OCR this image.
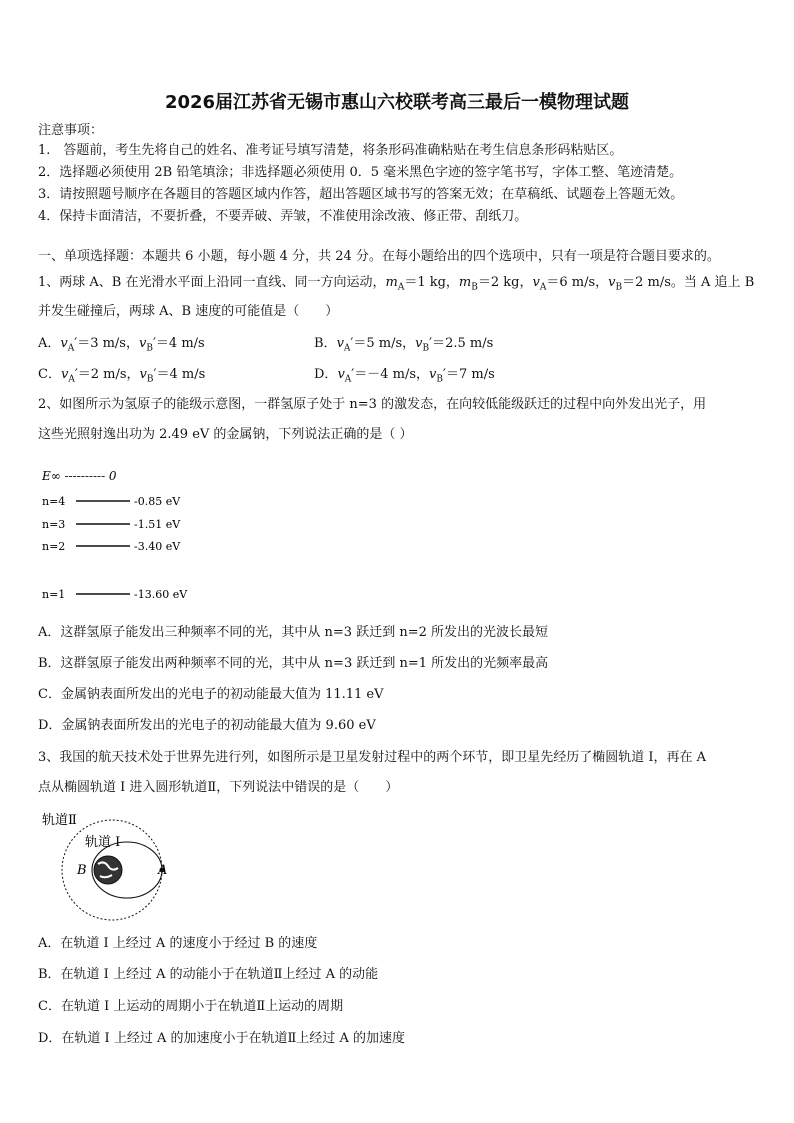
2026届江苏省无锡市惠山六校联考高三最后一模物理试题
注意事项：
1.　答题前，考生先将自己的姓名、准考证号填写清楚，将条形码准确粘贴在考生信息条形码粘贴区。
2．选择题必须使用 2B 铅笔填涂；非选择题必须使用 0．5 毫米黑色字迹的签字笔书写，字体工整、笔迹清楚。
3．请按照题号顺序在各题目的答题区域内作答，超出答题区域书写的答案无效；在草稿纸、试题卷上答题无效。
4．保持卡面清洁，不要折叠，不要弄破、弄皱，不准使用涂改液、修正带、刮纸刀。
一、单项选择题：本题共 6 小题，每小题 4 分，共 24 分。在每小题给出的四个选项中，只有一项是符合题目要求的。
1、两球 A、B 在光滑水平面上沿同一直线、同一方向运动，$m_A=1$ kg，$m_B=2$ kg，$v_A=6$ m/s，$v_B=2$ m/s。当 A 追上 B
并发生碰撞后，两球 A、B 速度的可能值是（　　）
A．$v_A'=3$ m/s，$v_B'=4$ m/s	B．$v_A'=5$ m/s，$v_B'=2.5$ m/s
C．$v_A'=2$ m/s，$v_B'=4$ m/s	D．$v_A'=-4$ m/s，$v_B'=7$ m/s
2、如图所示为氢原子的能级示意图，一群氢原子处于 n=3 的激发态，在向较低能级跃迁的过程中向外发出光子，用
这些光照射逸出功为 2.49 eV 的金属钠，下列说法正确的是（ ）
E∞ ---------- 0
n=4	-0.85 eV
n=3	-1.51 eV
n=2	-3.40 eV
n=1	-13.60 eV
A．这群氢原子能发出三种频率不同的光，其中从 n=3 跃迁到 n=2 所发出的光波长最短
B．这群氢原子能发出两种频率不同的光，其中从 n=3 跃迁到 n=1 所发出的光频率最高
C．金属钠表面所发出的光电子的初动能最大值为 11.11 eV
D．金属钠表面所发出的光电子的初动能最大值为 9.60 eV
3、我国的航天技术处于世界先进行列，如图所示是卫星发射过程中的两个环节，即卫星先经历了椭圆轨道 I，再在 A
点从椭圆轨道 I 进入圆形轨道Ⅱ，下列说法中错误的是（　　）
轨道Ⅱ
轨道 I
B	A
A．在轨道 I 上经过 A 的速度小于经过 B 的速度
B．在轨道 I 上经过 A 的动能小于在轨道Ⅱ上经过 A 的动能
C．在轨道 I 上运动的周期小于在轨道Ⅱ上运动的周期
D．在轨道 I 上经过 A 的加速度小于在轨道Ⅱ上经过 A 的加速度
